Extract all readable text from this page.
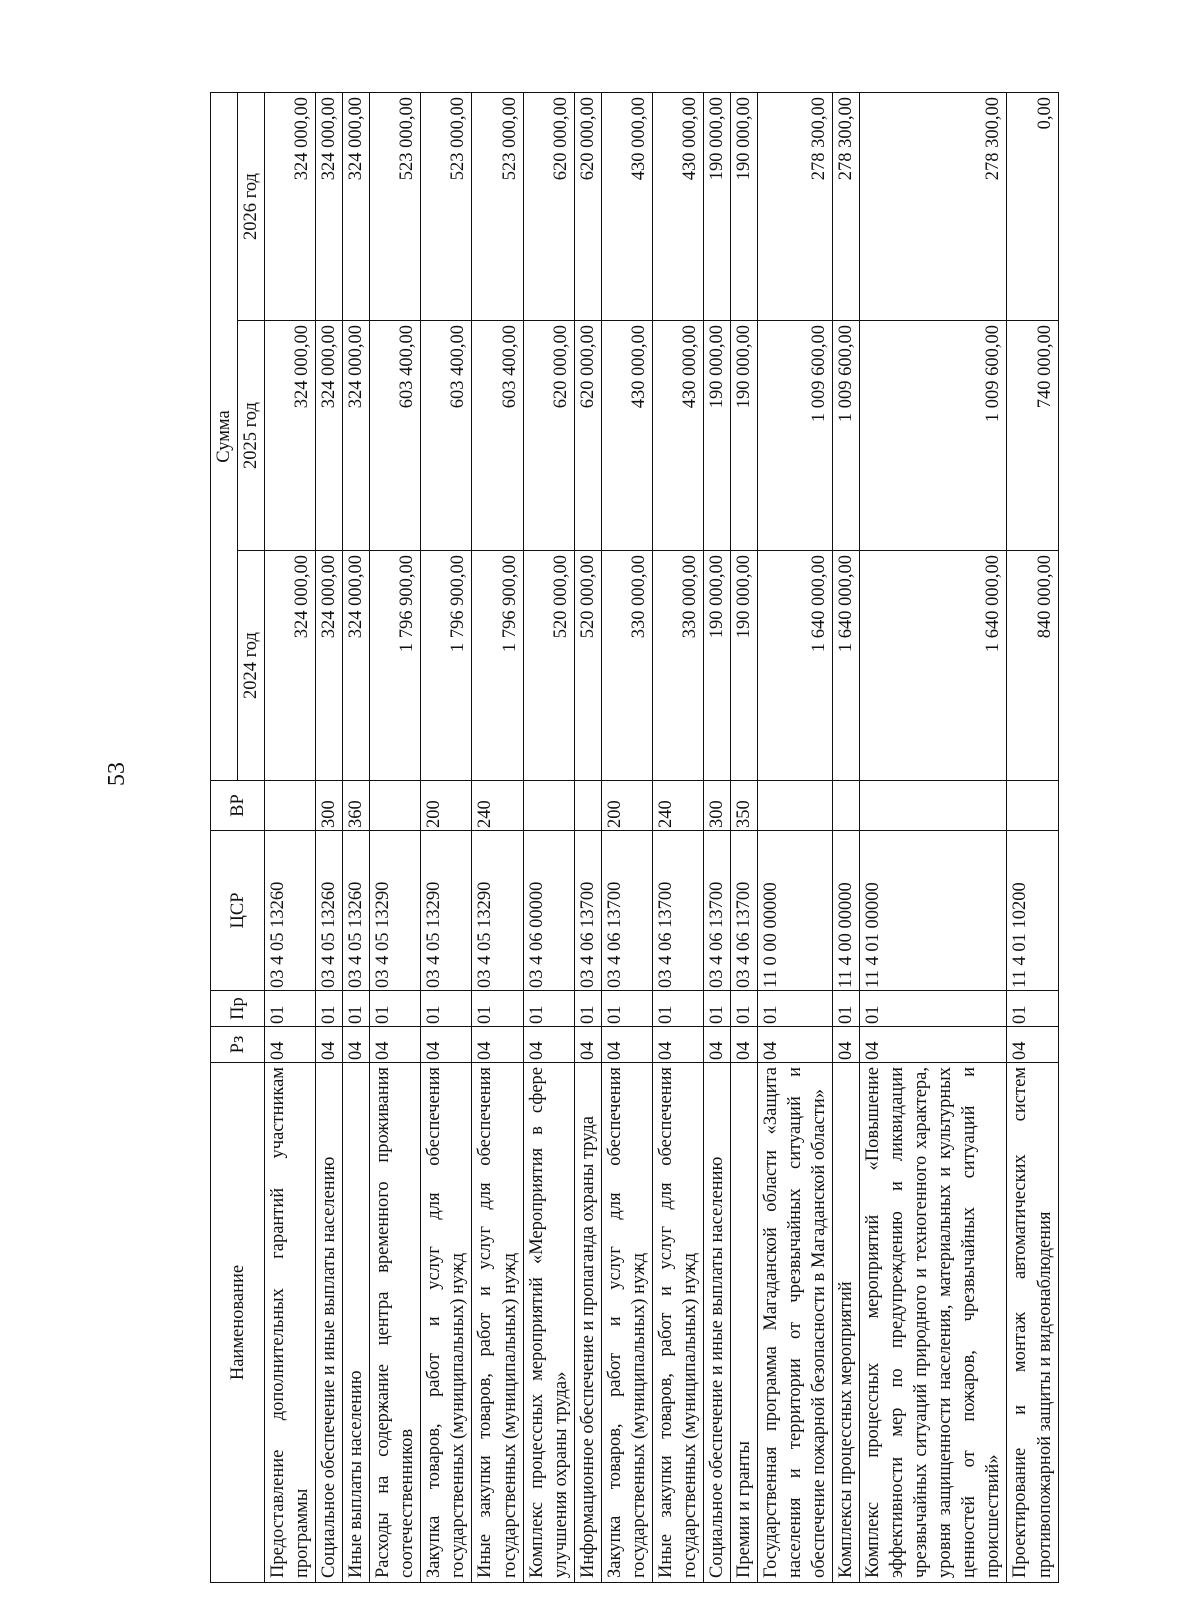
53
Наименование	Рз	Пр	ЦСР	ВР	Сумма		
					2024 год	2025 год	2026 год
Предоставление дополнительных гарантий участникам программы	04	01	03 4 05 13260		324 000,00	324 000,00	324 000,00
Социальное обеспечение и иные выплаты населению	04	01	03 4 05 13260	300	324 000,00	324 000,00	324 000,00
Иные выплаты населению	04	01	03 4 05 13260	360	324 000,00	324 000,00	324 000,00
Расходы на содержание центра временного проживания соотечественников	04	01	03 4 05 13290		1 796 900,00	603 400,00	523 000,00
Закупка товаров, работ и услуг для обеспечения государственных (муниципальных) нужд	04	01	03 4 05 13290	200	1 796 900,00	603 400,00	523 000,00
Иные закупки товаров, работ и услуг для обеспечения государственных (муниципальных) нужд	04	01	03 4 05 13290	240	1 796 900,00	603 400,00	523 000,00
Комплекс процессных мероприятий «Мероприятия в сфере улучшения охраны труда»	04	01	03 4 06 00000		520 000,00	620 000,00	620 000,00
Информационное обеспечение и пропаганда охраны труда	04	01	03 4 06 13700		520 000,00	620 000,00	620 000,00
Закупка товаров, работ и услуг для обеспечения государственных (муниципальных) нужд	04	01	03 4 06 13700	200	330 000,00	430 000,00	430 000,00
Иные закупки товаров, работ и услуг для обеспечения государственных (муниципальных) нужд	04	01	03 4 06 13700	240	330 000,00	430 000,00	430 000,00
Социальное обеспечение и иные выплаты населению	04	01	03 4 06 13700	300	190 000,00	190 000,00	190 000,00
Премии и гранты	04	01	03 4 06 13700	350	190 000,00	190 000,00	190 000,00
Государственная программа Магаданской области «Защита населения и территории от чрезвычайных ситуаций и обеспечение пожарной безопасности в Магаданской области»	04	01	11 0 00 00000		1 640 000,00	1 009 600,00	278 300,00
Комплексы процессных мероприятий	04	01	11 4 00 00000		1 640 000,00	1 009 600,00	278 300,00
Комплекс процессных мероприятий «Повышение эффективности мер по предупреждению и ликвидации чрезвычайных ситуаций природного и техногенного характера, уровня защищенности населения, материальных и культурных ценностей от пожаров, чрезвычайных ситуаций и происшествий»	04	01	11 4 01 00000		1 640 000,00	1 009 600,00	278 300,00
Проектирование и монтаж автоматических систем противопожарной защиты и видеонаблюдения	04	01	11 4 01 10200		840 000,00	740 000,00	0,00
